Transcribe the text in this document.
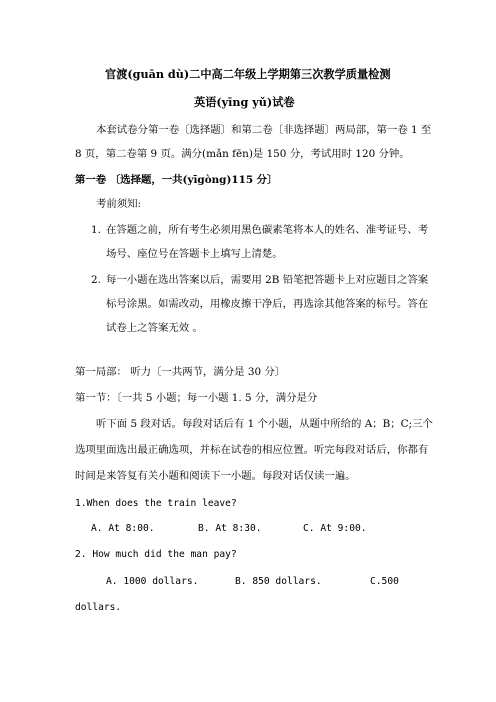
官渡(guān dù)二中高二年级上学期第三次教学质量检测
英语(yīng yǔ)试卷
本套试卷分第一卷〔选择题〕和第二卷〔非选择题〕两局部，第一卷 1 至
8 页，第二卷第 9 页。满分(mǎn fēn)是 150 分，考试用时 120 分钟。
第一卷 〔选择题，一共(yīgòng)115 分〕
考前须知:
1. 在答题之前，所有考生必须用黑色碳素笔将本人的姓名、准考证号、考
场号、座位号在答题卡上填写上清楚。
2. 每一小题在选出答案以后，需要用 2B 铅笔把答题卡上对应题目之答案
标号涂黑。如需改动，用橡皮擦干净后，再选涂其他答案的标号。答在
试卷上之答案无效 。
第一局部： 听力〔一共两节，满分是 30 分〕
第一节：〔一共 5 小题；每一小题 1. 5 分，满分是分
听下面 5 段对话。每段对话后有 1 个小题，从题中所给的 A；B；C;三个
选项里面选出最正确选项，并标在试卷的相应位置。听完每段对话后，你都有
时间是来答复有关小题和阅读下一小题。每段对话仅读一遍。
1.When does the train leave?
A. At 8:00.	B. At 8:30.	C. At 9:00.
2. How much did the man pay?
A. 1000 dollars.	B. 850 dollars.	C.500
dollars.
